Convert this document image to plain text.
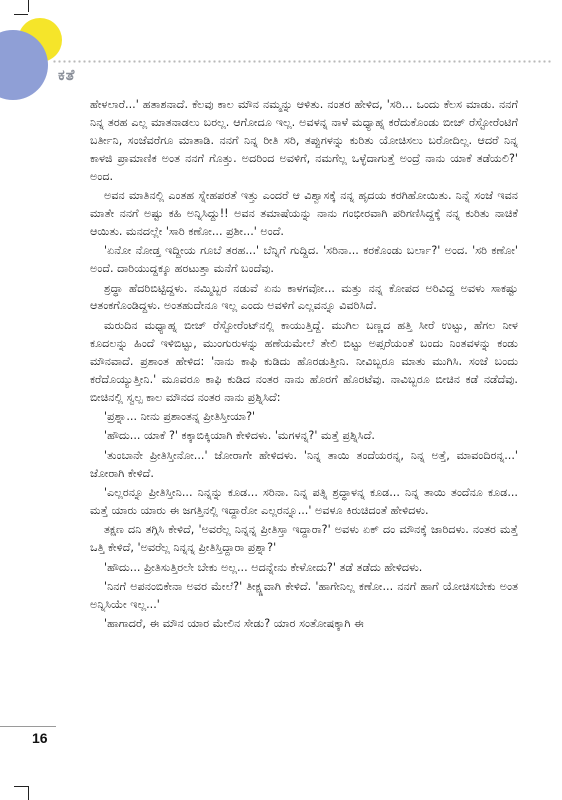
ಕತೆ

ಹೇಳಲಾರೆ...' ಹತಾಶನಾದೆ. ಕೆಲವು ಕಾಲ ಮೌನ ನಮ್ಮನ್ನು ಆಳಿತು. ನಂತರ ಹೇಳಿದ, 'ಸರಿ... ಒಂದು ಕೆಲಸ ಮಾಡು. ನನಗೆ ನಿನ್ನ ತರಹ ಎಲ್ಲ ಮಾತನಾಡಲು ಬರಲ್ಲ. ಆಗೋದೂ ಇಲ್ಲ. ಅವಳನ್ನ ನಾಳೆ ಮಧ್ಯಾಹ್ನ ಕರೆದುಕೊಂಡು ಬೀಚ್ ರೆಸ್ಟೋರೆಂಟಿಗೆ ಬರ್ತೀನಿ, ಸಂಜೆವರೆಗೂ ಮಾತಾಡಿ. ನನಗೆ ನಿನ್ನ ರೀತಿ ಸರಿ, ತಪ್ಪುಗಳನ್ನು ಕುರಿತು ಯೋಚಿಸಲು ಬರೋದಿಲ್ಲ. ಆದರೆ ನಿನ್ನ ಕಾಳಜಿ ಪ್ರಾಮಾಣಿಕ ಅಂತ ನನಗೆ ಗೊತ್ತು. ಅದರಿಂದ ಅವಳಿಗೆ, ನಮಗೆಲ್ಲ ಒಳ್ಳೆದಾಗುತ್ತೆ ಅಂದ್ರೆ ನಾನು ಯಾಕೆ ತಡೆಯಲಿ?' ಅಂದ.

ಅವನ ಮಾತಿನಲ್ಲಿ ಎಂತಹ ಸ್ನೇಹಪರತೆ ಇತ್ತು ಎಂದರೆ ಆ ವಿಶ್ವಾಸಕ್ಕೆ ನನ್ನ ಹೃದಯ ಕರಗಿಹೋಯಿತು. ನಿನ್ನೆ ಸಂಜೆ ಇವನ ಮಾತೇ ನನಗೆ ಅಷ್ಟು ಕಹಿ ಅನ್ನಿಸಿದ್ದು!! ಅವನ ತಮಾಷೆಯನ್ನು ನಾನು ಗಂಭೀರವಾಗಿ ಪರಿಗಣಿಸಿದ್ದಕ್ಕೆ ನನ್ನ ಕುರಿತು ನಾಚಿಕೆ ಆಯಿತು. ಮನದಲ್ಲೇ 'ಸಾರಿ ಕಣೋ... ಪ್ರಶೀ...' ಅಂದೆ.

'ಏನೋ ನೋಡ್ತ ಇದ್ದೀಯ ಗೂಬೆ ತರಹ...' ಬೆನ್ನಿಗೆ ಗುದ್ದಿದ. 'ಸರಿನಾ... ಕರಕೊಂಡು ಬರ್ಲಾ?' ಅಂದ. 'ಸರಿ ಕಣೋ' ಅಂದೆ. ದಾರಿಯುದ್ದಕ್ಕೂ ಹರಟುತ್ತಾ ಮನೆಗೆ ಬಂದೆವು.

ಶ್ರದ್ಧಾ ಹೆದರಿಬಿಟ್ಟಿದ್ದಳು. ನಮ್ಮಿಬ್ಬರ ನಡುವೆ ಏನು ಕಾಳಗವೋ... ಮತ್ತು ನನ್ನ ಕೋಪದ ಅರಿವಿದ್ದ ಅವಳು ಸಾಕಷ್ಟು ಆತಂಕಗೊಂಡಿದ್ದಳು. ಅಂತಹುದೇನೂ ಇಲ್ಲ ಎಂದು ಅವಳಿಗೆ ಎಲ್ಲವನ್ನೂ ವಿವರಿಸಿದೆ.

ಮರುದಿನ ಮಧ್ಯಾಹ್ನ ಬೀಚ್ ರೆಸ್ಟೋರೆಂಟ್‌ನಲ್ಲಿ ಕಾಯುತ್ತಿದ್ದೆ. ಮುಗಿಲ ಬಣ್ಣದ ಹತ್ತಿ ಸೀರೆ ಉಟ್ಟು, ಹೆಗಲ ನೀಳ ಕೂದಲನ್ನು ಹಿಂದೆ ಇಳಿಬಿಟ್ಟು, ಮುಂಗುರುಳನ್ನು ಹಣೆಯಮೇಲೆ ತೇಲಿ ಬಿಟ್ಟು ಅಪ್ಸರೆಯಂತೆ ಬಂದು ನಿಂತವಳನ್ನು ಕಂಡು ಮೌನವಾದೆ. ಪ್ರಶಾಂತ ಹೇಳಿದ: 'ನಾನು ಕಾಫಿ ಕುಡಿದು ಹೊರಡುತ್ತೀನಿ. ನೀವಿಬ್ಬರೂ ಮಾತು ಮುಗಿಸಿ. ಸಂಜೆ ಬಂದು ಕರೆದೊಯ್ಯುತ್ತೀನಿ.' ಮೂವರೂ ಕಾಫಿ ಕುಡಿದ ನಂತರ ನಾನು ಹೊರಗೆ ಹೊರಟೆವು. ನಾವಿಬ್ಬರೂ ಬೀಚಿನ ಕಡೆ ನಡೆದೆವು. ಬೀಚಿನಲ್ಲಿ ಸ್ವಲ್ಪ ಕಾಲ ಮೌನದ ನಂತರ ನಾನು ಪ್ರಶ್ನಿಸಿದೆ:

'ಪ್ರಶ್ನಾ... ನೀನು ಪ್ರಶಾಂತನ್ನ ಪ್ರೀತಿಸ್ತೀಯಾ?'

'ಹೌದು... ಯಾಕೆ ?' ಕಕ್ಕಾಬಿಕ್ಕಿಯಾಗಿ ಕೇಳಿದಳು. 'ಮಗಳನ್ನ?' ಮತ್ತೆ ಪ್ರಶ್ನಿಸಿದೆ.

'ತುಂಬಾನೇ ಪ್ರೀತಿಸ್ತೀನೋ...' ಜೋರಾಗೇ ಹೇಳಿದಳು. 'ನಿನ್ನ ತಾಯಿ ತಂದೆಯರನ್ನ, ನಿನ್ನ ಅತ್ತೆ, ಮಾವಂದಿರನ್ನ...' ಜೋರಾಗಿ ಕೇಳಿದೆ.

'ಎಲ್ಲರನ್ನೂ ಪ್ರೀತಿಸ್ತೀನಿ... ನಿನ್ನನ್ನು ಕೂಡ... ಸರಿನಾ. ನಿನ್ನ ಪತ್ನಿ ಶ್ರದ್ಧಾಳನ್ನ ಕೂಡ... ನಿನ್ನ ತಾಯಿ ತಂದೆನೂ ಕೂಡ... ಮತ್ತೆ ಯಾರು ಯಾರು ಈ ಜಗತ್ತಿನಲ್ಲಿ ಇದ್ದಾರೋ ಎಲ್ಲರನ್ನೂ...' ಅವಳೂ ಕಿರುಚಿದಂತೆ ಹೇಳಿದಳು.

ತಕ್ಷಣ ದನಿ ತಗ್ಗಿಸಿ ಕೇಳಿದೆ, 'ಅವರೆಲ್ಲ ನಿನ್ನನ್ನ ಪ್ರೀತಿಸ್ತಾ ಇದ್ದಾರಾ?' ಅವಳು ಏಕ್ ದಂ ಮೌನಕ್ಕೆ ಜಾರಿದಳು. ನಂತರ ಮತ್ತೆ ಒತ್ತಿ ಕೇಳಿದೆ, 'ಅವರೆಲ್ಲ ನಿನ್ನನ್ನ ಪ್ರೀತಿಸ್ತಿದ್ದಾರಾ ಪ್ರಶ್ನಾ?'

'ಹೌದು... ಪ್ರೀತಿಸುತ್ತಿರಲೇ ಬೇಕು ಅಲ್ಲ... ಅದನ್ನೇನು ಕೇಳೋದು?' ತಡೆ ತಡೆದು ಹೇಳಿದಳು.

'ನಿನಗೆ ಅಪನಂಬಿಕೇನಾ ಅವರ ಮೇಲೆ?' ತೀಕ್ಷ್ಣವಾಗಿ ಕೇಳಿದೆ. 'ಹಾಗೇನಿಲ್ಲ ಕಣೋ... ನನಗೆ ಹಾಗೆ ಯೋಚಿಸಬೇಕು ಅಂತ ಅನ್ನಿಸಿಯೇ ಇಲ್ಲ...'

'ಹಾಗಾದರೆ, ಈ ಮೌನ ಯಾರ ಮೇಲಿನ ಸೇಡು? ಯಾರ ಸಂತೋಷಕ್ಕಾಗಿ ಈ

16
